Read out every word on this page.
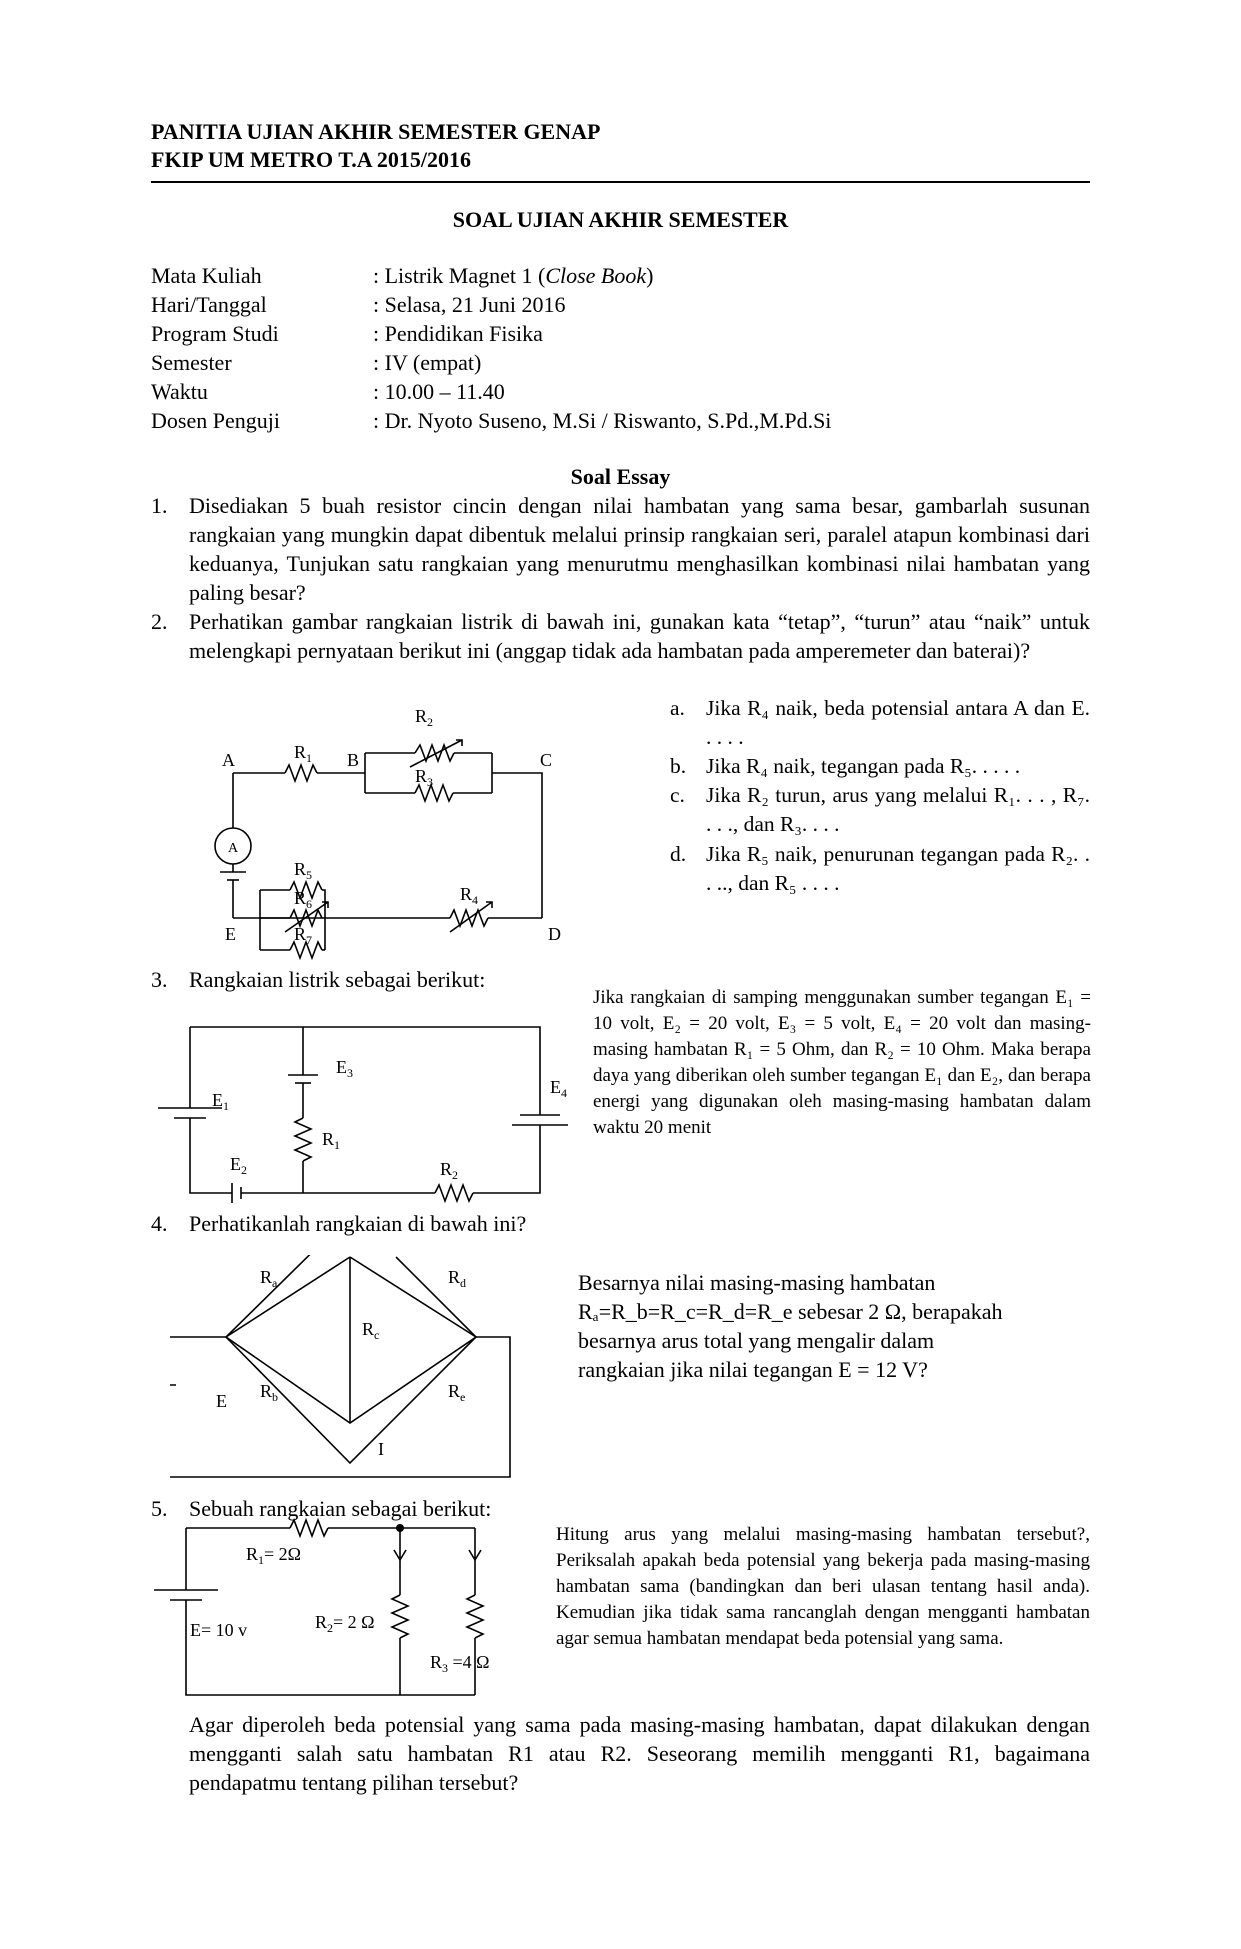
PANITIA UJIAN AKHIR SEMESTER GENAP
FKIP UM METRO T.A 2015/2016
SOAL UJIAN AKHIR SEMESTER
Mata Kuliah	: Listrik Magnet 1 (Close Book)
Hari/Tanggal	: Selasa, 21 Juni 2016
Program Studi	: Pendidikan Fisika
Semester	: IV (empat)
Waktu	: 10.00 – 11.40
Dosen Penguji	: Dr. Nyoto Suseno, M.Si / Riswanto, S.Pd.,M.Pd.Si
Soal Essay
1. Disediakan 5 buah resistor cincin dengan nilai hambatan yang sama besar, gambarlah susunan rangkaian yang mungkin dapat dibentuk melalui prinsip rangkaian seri, paralel atapun kombinasi dari keduanya, Tunjukan satu rangkaian yang menurutmu menghasilkan kombinasi nilai hambatan yang paling besar?
2. Perhatikan gambar rangkaian listrik di bawah ini, gunakan kata “tetap”, “turun” atau “naik” untuk melengkapi pernyataan berikut ini (anggap tidak ada hambatan pada amperemeter dan baterai)?
a. Jika R₄ naik, beda potensial antara A dan E. . . . .
b. Jika R₄ naik, tegangan pada R₅. . . . .
c. Jika R₂ turun, arus yang melalui R₁. . . , R₇. . . ., dan R₃. . . .
d. Jika R₅ naik, penurunan tegangan pada R₂. . . .., dan R₅ . . . .
A	B	C
D
E
A
$R_1$
$R_2$
$R_3$
$R_4$
$R_5$
$R_6$
$R_7$
3. Rangkaian listrik sebagai berikut:
Jika rangkaian di samping menggunakan sumber tegangan E₁ = 10 volt, E₂ = 20 volt, E₃ = 5 volt, E₄ = 20 volt dan masing-masing hambatan R₁ = 5 Ohm, dan R₂ = 10 Ohm. Maka berapa daya yang diberikan oleh sumber tegangan E₁ dan E₂, dan berapa energi yang digunakan oleh masing-masing hambatan dalam waktu 20 menit
$E_1$
$E_2$
$E_3$
$E_4$
$R_1$
$R_2$
4. Perhatikanlah rangkaian di bawah ini?
Besarnya nilai masing-masing hambatan Rₐ=R_b=R_c=R_d=R_e sebesar 2 Ω, berapakah besarnya arus total yang mengalir dalam rangkaian jika nilai tegangan E = 12 V?
$R_a$
$R_b$
$R_c$
$R_d$
$R_e$
E
I
5. Sebuah rangkaian sebagai berikut:
Hitung arus yang melalui masing-masing hambatan tersebut?, Periksalah apakah beda potensial yang bekerja pada masing-masing hambatan sama (bandingkan dan beri ulasan tentang hasil anda). Kemudian jika tidak sama rancanglah dengan mengganti hambatan agar semua hambatan mendapat beda potensial yang sama.
$R_1= 2\Omega$
$R_2= 2$ Ω
$R_3 =4$ Ω
E= 10 v
Agar diperoleh beda potensial yang sama pada masing-masing hambatan, dapat dilakukan dengan mengganti salah satu hambatan R1 atau R2. Seseorang memilih mengganti R1, bagaimana pendapatmu tentang pilihan tersebut?
